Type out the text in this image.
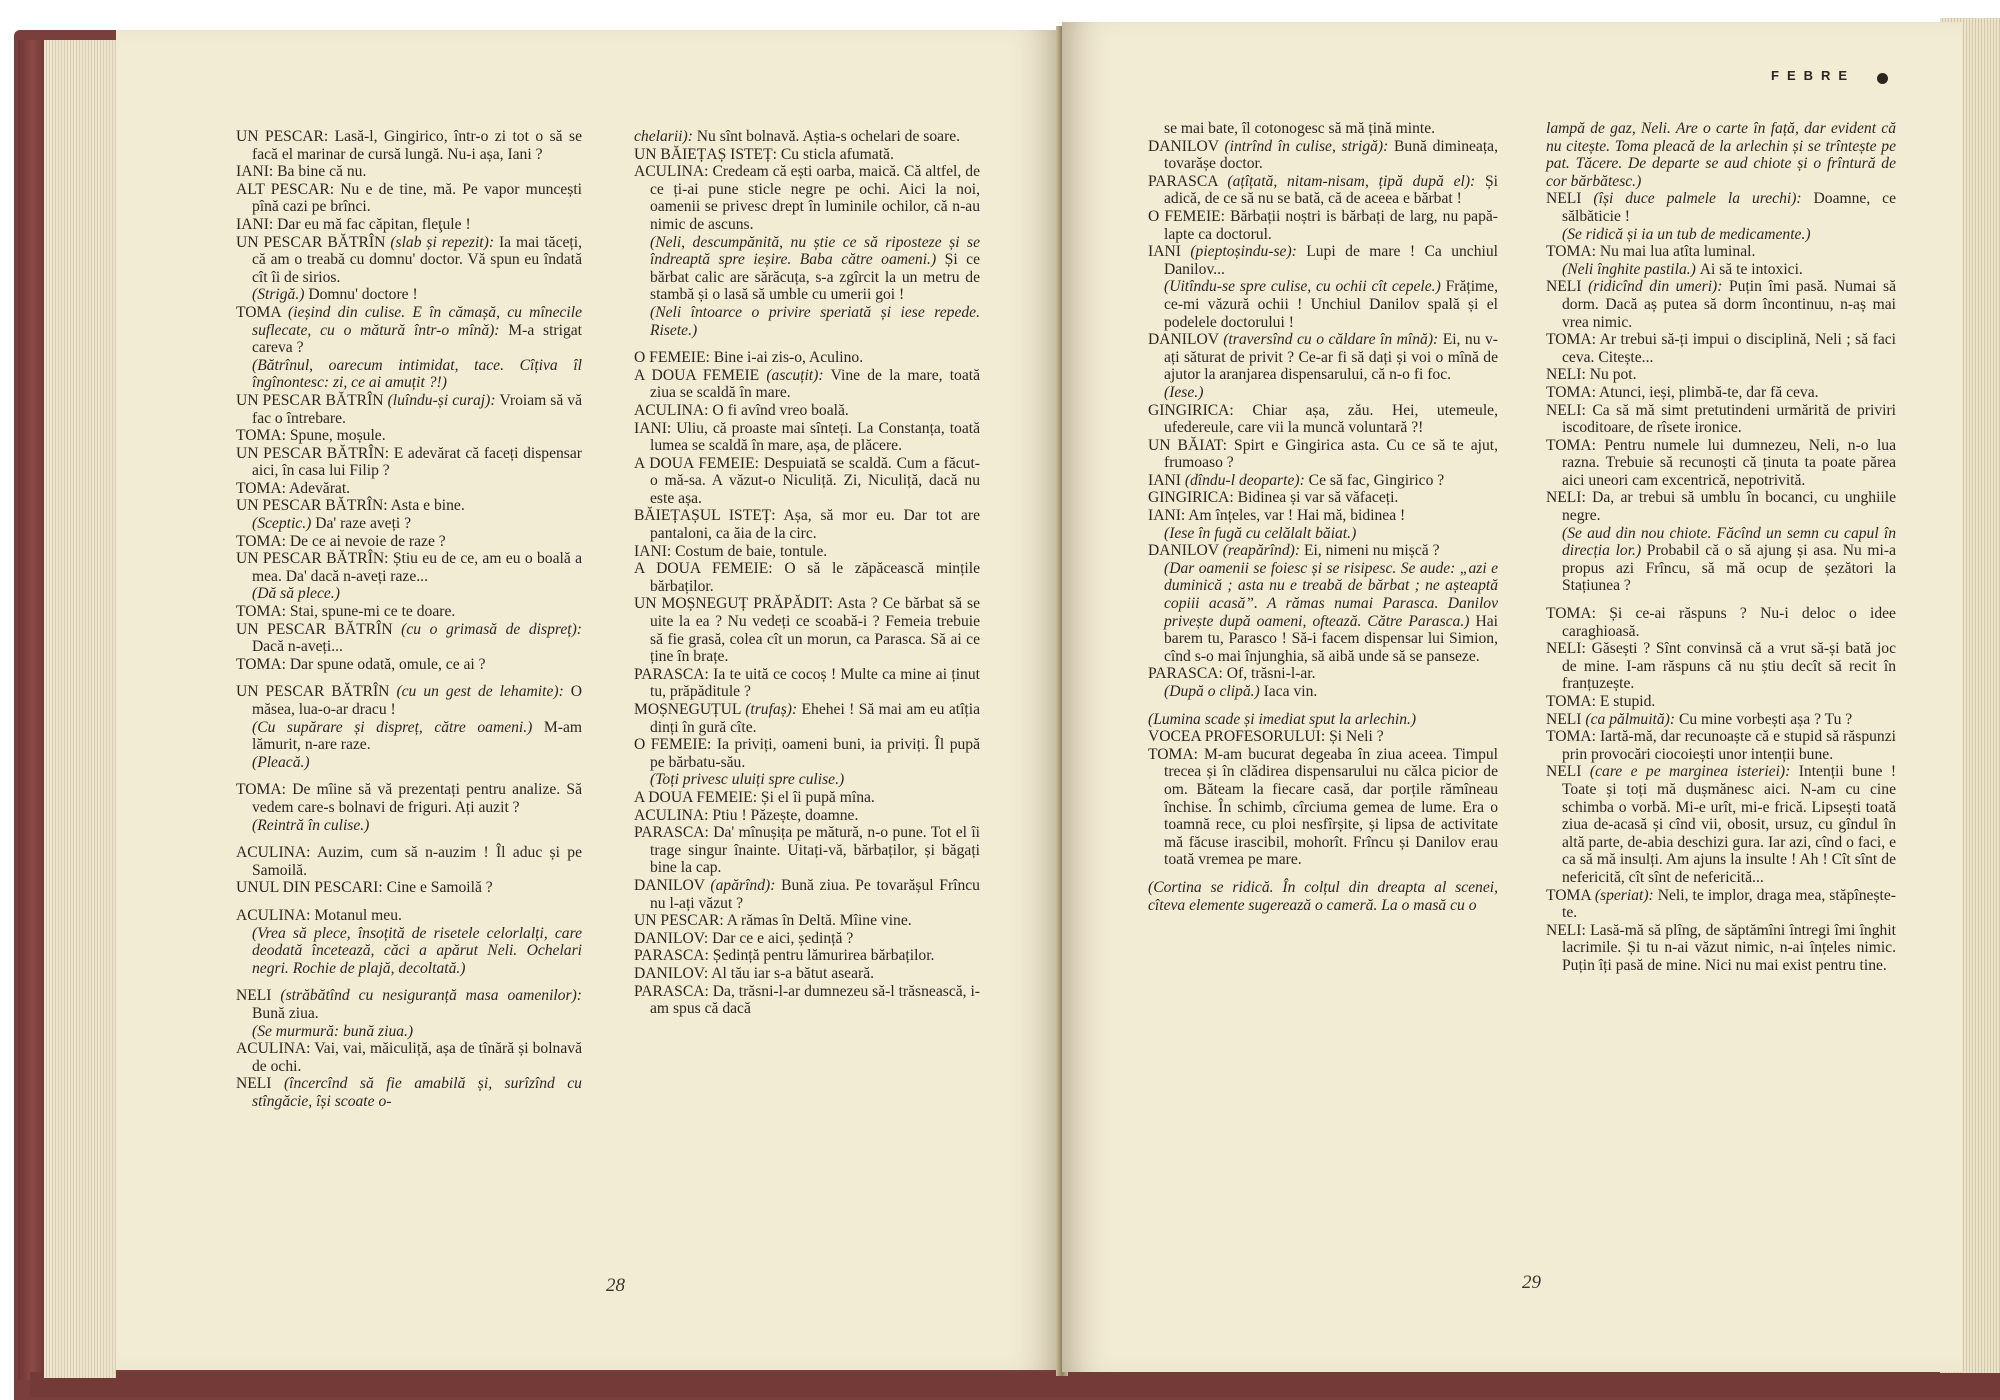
UN PESCAR: Lasă-l, Gingirico, într-o zi tot o să se facă el marinar de cursă lungă. Nu-i așa, Iani ?

IANI: Ba bine că nu.

ALT PESCAR: Nu e de tine, mă. Pe vapor muncești pînă cazi pe brînci.

IANI: Dar eu mă fac căpitan, fleţule !

UN PESCAR BĂTRÎN (slab și repezit): Ia mai tăceți, că am o treabă cu domnu' doctor. Vă spun eu îndată cît îi de sirios.

(Strigă.) Domnu' doctore !

TOMA (ieșind din culise. E în cămașă, cu mînecile suflecate, cu o mătură într-o mînă): M-a strigat careva ?

(Bătrînul, oarecum intimidat, tace. Cîțiva îl îngînontesc: zi, ce ai amuțit ?!)

UN PESCAR BĂTRÎN (luîndu-și curaj): Vroiam să vă fac o întrebare.

TOMA: Spune, moșule.

UN PESCAR BĂTRÎN: E adevărat că faceți dispensar aici, în casa lui Filip ?

TOMA: Adevărat.

UN PESCAR BĂTRÎN: Asta e bine.

(Sceptic.) Da' raze aveți ?

TOMA: De ce ai nevoie de raze ?

UN PESCAR BĂTRÎN: Știu eu de ce, am eu o boală a mea. Da' dacă n-aveți raze...

(Dă să plece.)

TOMA: Stai, spune-mi ce te doare.

UN PESCAR BĂTRÎN (cu o grimasă de dispreț): Dacă n-aveți...

TOMA: Dar spune odată, omule, ce ai ?

UN PESCAR BĂTRÎN (cu un gest de lehamite): O măsea, lua-o-ar dracu !

(Cu supărare și dispreț, către oameni.) M-am lămurit, n-are raze.

(Pleacă.)

TOMA: De mîine să vă prezentați pentru analize. Să vedem care-s bolnavi de friguri. Ați auzit ?

(Reintră în culise.)

ACULINA: Auzim, cum să n-auzim ! Îl aduc și pe Samoilă.

UNUL DIN PESCARI: Cine e Samoilă ?

ACULINA: Motanul meu.

(Vrea să plece, însoțită de risetele celorlalți, care deodată încetează, căci a apărut Neli. Ochelari negri. Rochie de plajă, decoltată.)

NELI (străbătînd cu nesiguranță masa oamenilor): Bună ziua.

(Se murmură: bună ziua.)

ACULINA: Vai, vai, măiculiță, așa de tînără și bolnavă de ochi.

NELI (încercînd să fie amabilă și, surîzînd cu stîngăcie, își scoate o-

chelarii): Nu sînt bolnavă. Aștia-s ochelari de soare.

UN BĂIEȚAȘ ISTEȚ: Cu sticla afumată.

ACULINA: Credeam că ești oarba, maică. Că altfel, de ce ți-ai pune sticle negre pe ochi. Aici la noi, oamenii se privesc drept în luminile ochilor, că n-au nimic de ascuns.

(Neli, descumpănită, nu știe ce să riposteze și se îndreaptă spre ieșire. Baba către oameni.) Și ce bărbat calic are sărăcuța, s-a zgîrcit la un metru de stambă și o lasă să umble cu umerii goi !

(Neli întoarce o privire speriată și iese repede. Risete.)

O FEMEIE: Bine i-ai zis-o, Aculino.

A DOUA FEMEIE (ascuțit): Vine de la mare, toată ziua se scaldă în mare.

ACULINA: O fi avînd vreo boală.

IANI: Uliu, că proaste mai sînteți. La Constanța, toată lumea se scaldă în mare, așa, de plăcere.

A DOUA FEMEIE: Despuiată se scaldă. Cum a făcut-o mă-sa. A văzut-o Niculiță. Zi, Niculiță, dacă nu este așa.

BĂIEȚAȘUL ISTEȚ: Așa, să mor eu. Dar tot are pantaloni, ca ăia de la circ.

IANI: Costum de baie, tontule.

A DOUA FEMEIE: O să le zăpăcească mințile bărbaților.

UN MOȘNEGUȚ PRĂPĂDIT: Asta ? Ce bărbat să se uite la ea ? Nu vedeți ce scoabă-i ? Femeia trebuie să fie grasă, colea cît un morun, ca Parasca. Să ai ce ține în brațe.

PARASCA: Ia te uită ce cocoș ! Multe ca mine ai ținut tu, prăpăditule ?

MOȘNEGUȚUL (trufaș): Ehehei ! Să mai am eu atîția dinți în gură cîte.

O FEMEIE: Ia priviți, oameni buni, ia priviți. Îl pupă pe bărbatu-său.

(Toți privesc uluiți spre culise.)

A DOUA FEMEIE: Și el îi pupă mîna.

ACULINA: Ptiu ! Păzește, doamne.

PARASCA: Da' mînușița pe mătură, n-o pune. Tot el îi trage singur înainte. Uitați-vă, bărbaților, și băgați bine la cap.

DANILOV (apărînd): Bună ziua. Pe tovarășul Frîncu nu l-ați văzut ?

UN PESCAR: A rămas în Deltă. Mîine vine.

DANILOV: Dar ce e aici, ședință ?

PARASCA: Ședință pentru lămurirea bărbaților.

DANILOV: Al tău iar s-a bătut aseară.

PARASCA: Da, trăsni-l-ar dumnezeu să-l trăsnească, i-am spus că dacă

28
FEBRE

se mai bate, îl cotonogesc să mă țină minte.

DANILOV (intrînd în culise, strigă): Bună dimineața, tovarășe doctor.

PARASCA (ațîțată, nitam-nisam, țipă după el): Și adică, de ce să nu se bată, că de aceea e bărbat !

O FEMEIE: Bărbații noștri is bărbați de larg, nu papă-lapte ca doctorul.

IANI (pieptoșindu-se): Lupi de mare ! Ca unchiul Danilov...

(Uitîndu-se spre culise, cu ochii cît cepele.) Frățime, ce-mi văzură ochii ! Unchiul Danilov spală și el podelele doctorului !

DANILOV (traversînd cu o căldare în mînă): Ei, nu v-ați săturat de privit ? Ce-ar fi să dați și voi o mînă de ajutor la aranjarea dispensarului, că n-o fi foc.

(Iese.)

GINGIRICA: Chiar așa, zău. Hei, utemeule, ufedereule, care vii la muncă voluntară ?!

UN BĂIAT: Spirt e Gingirica asta. Cu ce să te ajut, frumoaso ?

IANI (dîndu-l deoparte): Ce să fac, Gingirico ?

GINGIRICA: Bidinea și var să văfaceți.

IANI: Am înțeles, var ! Hai mă, bidinea !

(Iese în fugă cu celălalt băiat.)

DANILOV (reapărînd): Ei, nimeni nu mișcă ?

(Dar oamenii se foiesc și se risipesc. Se aude: „azi e duminică ; asta nu e treabă de bărbat ; ne așteaptă copiii acasă”. A rămas numai Parasca. Danilov privește după oameni, oftează. Către Parasca.) Hai barem tu, Parasco ! Să-i facem dispensar lui Simion, cînd s-o mai înjunghia, să aibă unde să se panseze.

PARASCA: Of, trăsni-l-ar.

(După o clipă.) Iaca vin.

(Lumina scade și imediat sput la arlechin.)

VOCEA PROFESORULUI: Și Neli ?

TOMA: M-am bucurat degeaba în ziua aceea. Timpul trecea și în clădirea dispensarului nu călca picior de om. Băteam la fiecare casă, dar porțile rămîneau închise. În schimb, cîrciuma gemea de lume. Era o toamnă rece, cu ploi nesfîrșite, și lipsa de activitate mă făcuse irascibil, mohorît. Frîncu și Danilov erau toată vremea pe mare.

(Cortina se ridică. În colțul din dreapta al scenei, cîteva elemente sugerează o cameră. La o masă cu o

lampă de gaz, Neli. Are o carte în față, dar evident că nu citește. Toma pleacă de la arlechin și se trîntește pe pat. Tăcere. De departe se aud chiote și o frîntură de cor bărbătesc.)

NELI (își duce palmele la urechi): Doamne, ce sălbăticie !

(Se ridică și ia un tub de medicamente.)

TOMA: Nu mai lua atîta luminal.

(Neli înghite pastila.) Ai să te intoxici.

NELI (ridicînd din umeri): Puțin îmi pasă. Numai să dorm. Dacă aș putea să dorm încontinuu, n-aș mai vrea nimic.

TOMA: Ar trebui să-ți impui o disciplină, Neli ; să faci ceva. Citește...

NELI: Nu pot.

TOMA: Atunci, ieși, plimbă-te, dar fă ceva.

NELI: Ca să mă simt pretutindeni urmărită de priviri iscoditoare, de rîsete ironice.

TOMA: Pentru numele lui dumnezeu, Neli, n-o lua razna. Trebuie să recunoști că ținuta ta poate părea aici uneori cam excentrică, nepotrivită.

NELI: Da, ar trebui să umblu în bocanci, cu unghiile negre.

(Se aud din nou chiote. Făcînd un semn cu capul în direcția lor.) Probabil că o să ajung și asa. Nu mi-a propus azi Frîncu, să mă ocup de șezători la Stațiunea ?

TOMA: Și ce-ai răspuns ? Nu-i deloc o idee caraghioasă.

NELI: Găsești ? Sînt convinsă că a vrut să-și bată joc de mine. I-am răspuns că nu știu decît să recit în franțuzește.

TOMA: E stupid.

NELI (ca pălmuită): Cu mine vorbești așa ? Tu ?

TOMA: Iartă-mă, dar recunoaște că e stupid să răspunzi prin provocări ciocoiești unor intenții bune.

NELI (care e pe marginea isteriei): Intenții bune ! Toate și toți mă dușmănesc aici. N-am cu cine schimba o vorbă. Mi-e urît, mi-e frică. Lipsești toată ziua de-acasă și cînd vii, obosit, ursuz, cu gîndul în altă parte, de-abia deschizi gura. Iar azi, cînd o faci, e ca să mă insulți. Am ajuns la insulte ! Ah ! Cît sînt de nefericită, cît sînt de nefericită...

TOMA (speriat): Neli, te implor, draga mea, stăpînește-te.

NELI: Lasă-mă să plîng, de săptămîni întregi îmi înghit lacrimile. Și tu n-ai văzut nimic, n-ai înțeles nimic. Puțin îți pasă de mine. Nici nu mai exist pentru tine.

29
